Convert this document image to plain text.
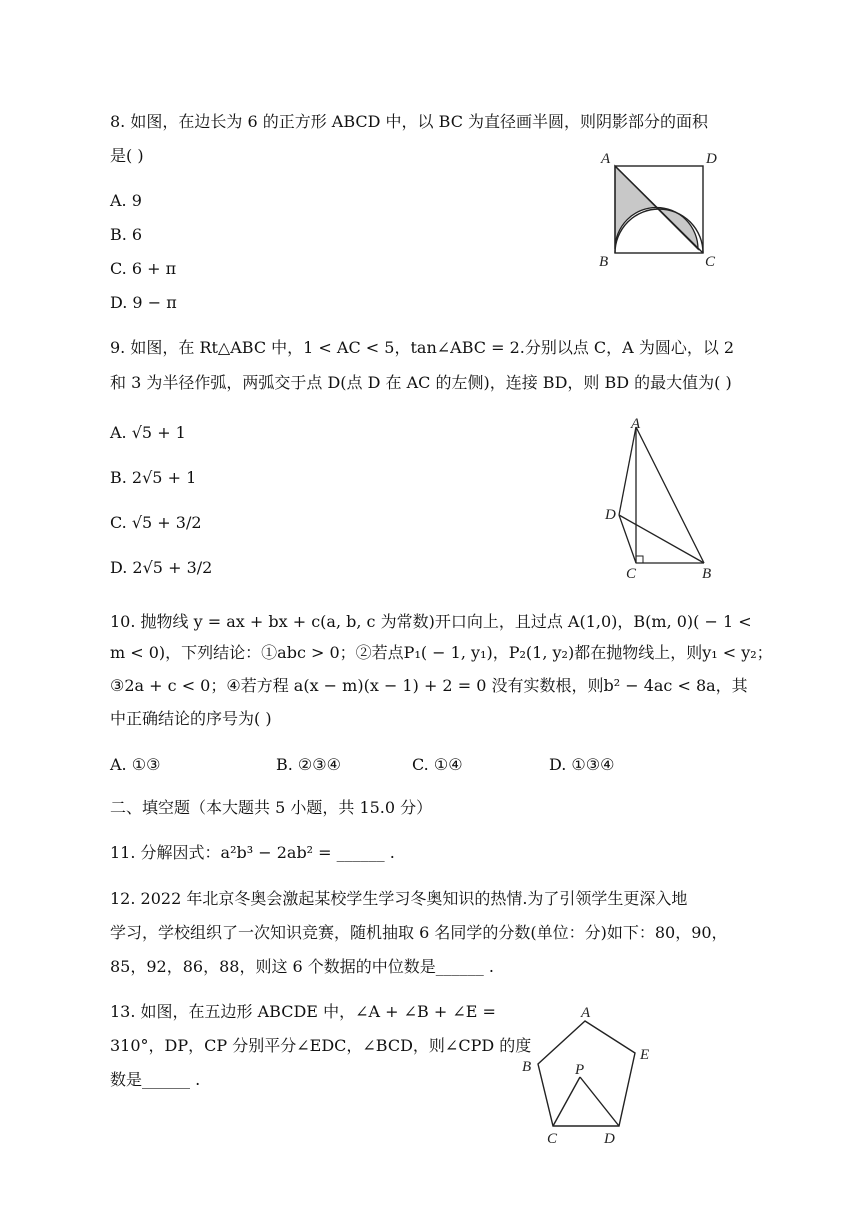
8. 如图，在边长为 6 的正方形 ABCD 中，以 BC 为直径画半圆，则阴影部分的面积
是( )
A. 9
B. 6
C. 6 + π
D. 9 − π
A	D
B	C
9. 如图，在 Rt△ABC 中，1 < AC < 5，tan∠ABC = 2.分别以点 C，A 为圆心，以 2
和 3 为半径作弧，两弧交于点 D(点 D 在 AC 的左侧)，连接 BD，则 BD 的最大值为( )
A. √5 + 1
B. 2√5 + 1
C. √5 + 3/2
D. 2√5 + 3/2
A
D
C	B
10. 抛物线 y = ax + bx + c(a, b, c 为常数)开口向上，且过点 A(1,0)，B(m, 0)( − 1 <
m < 0)，下列结论：①abc > 0；②若点P₁( − 1, y₁)，P₂(1, y₂)都在抛物线上，则y₁ < y₂；
③2a + c < 0；④若方程 a(x − m)(x − 1) + 2 = 0 没有实数根，则b² − 4ac < 8a，其
中正确结论的序号为( )
A. ①③	B. ②③④	C. ①④	D. ①③④
二、填空题（本大题共 5 小题，共 15.0 分）
11. 分解因式：a²b³ − 2ab² = ______ .
12. 2022 年北京冬奥会激起某校学生学习冬奥知识的热情.为了引领学生更深入地
学习，学校组织了一次知识竞赛，随机抽取 6 名同学的分数(单位：分)如下：80，90，
85，92，86，88，则这 6 个数据的中位数是______ .
13. 如图，在五边形 ABCDE 中，∠A + ∠B + ∠E =
310°，DP，CP 分别平分∠EDC，∠BCD，则∠CPD 的度
数是______ .
A
E
B	P
C	D
